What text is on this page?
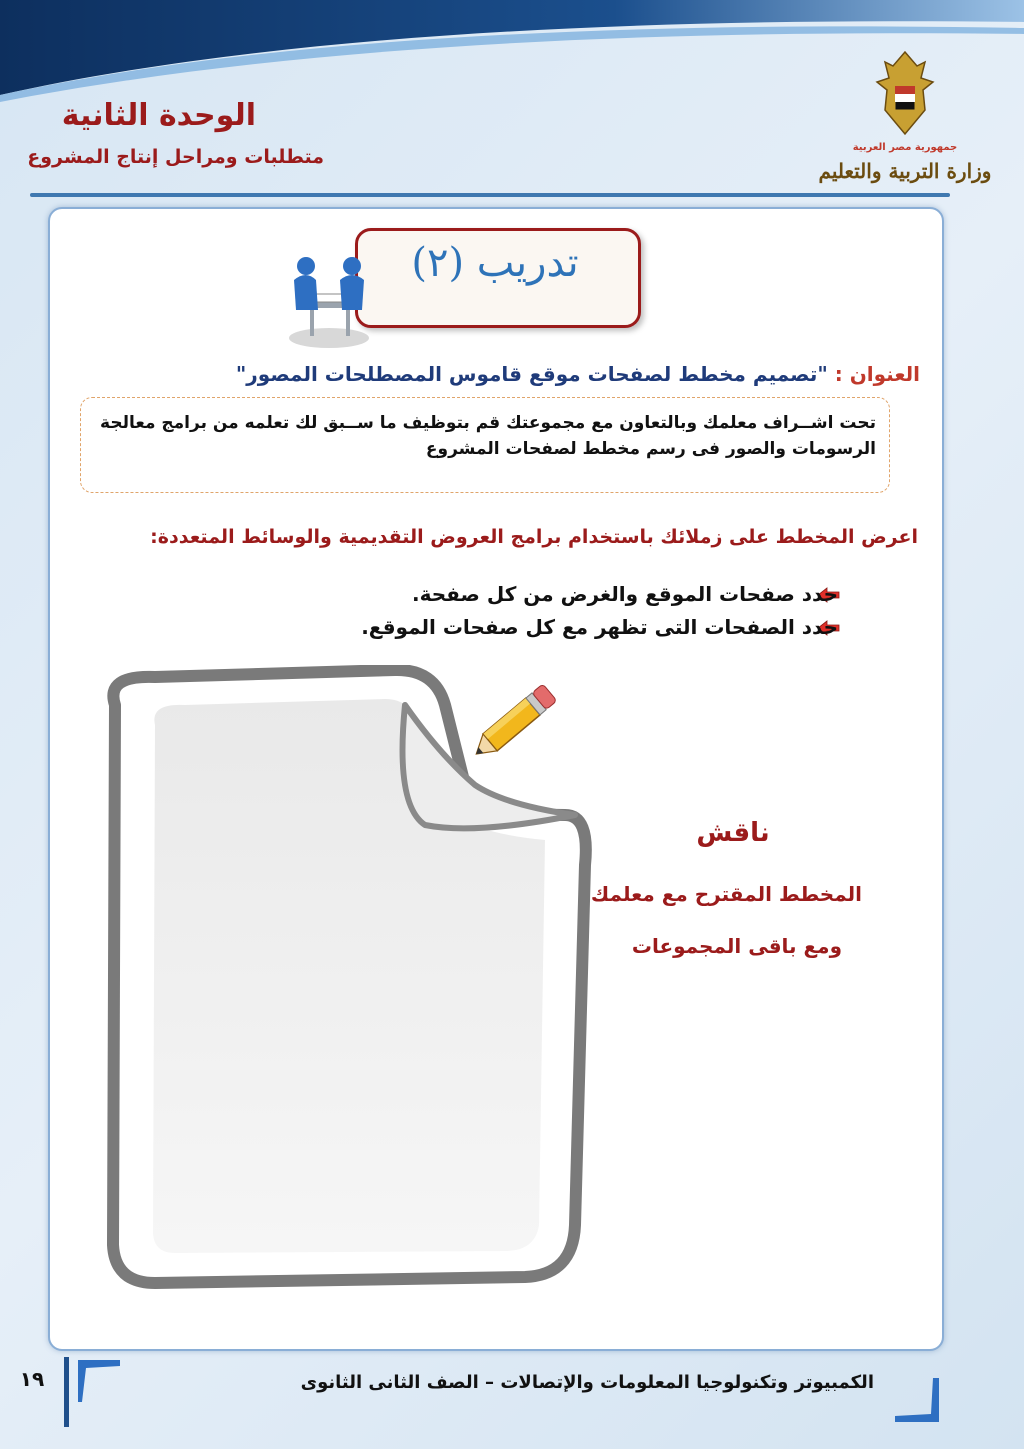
الوحدة الثانية
متطلبات ومراحل إنتاج المشروع	جمهورية مصر العربية
وزارة التربية والتعليم
تدريب (٢)
العنوان : "تصميم مخطط لصفحات موقع قاموس المصطلحات المصور"
تحت اشــراف معلمك وبالتعاون مع مجموعتك قم بتوظيف ما ســبق لك تعلمه من برامج معالجة
الرسومات والصور فى رسم مخطط لصفحات المشروع
اعرض المخطط على زملائك باستخدام برامج العروض التقديمية والوسائط المتعددة:
حدد صفحات الموقع والغرض من كل صفحة.
حدد الصفحات التى تظهر مع كل صفحات الموقع.
ناقش
المخطط المقترح مع معلمك
ومع باقى المجموعات
١٩	الكمبيوتر وتكنولوجيا المعلومات والإتصالات – الصف الثانى الثانوى
